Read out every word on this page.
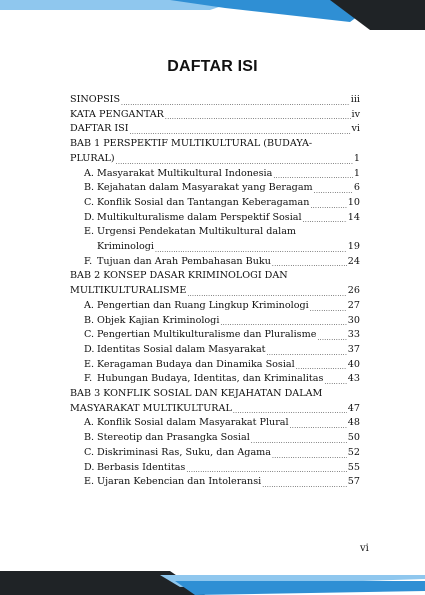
DAFTAR ISI
SINOPSIS .....	iii
KATA PENGANTAR .....	iv
DAFTAR ISI .....	vi
BAB 1 PERSPEKTIF MULTIKULTURAL (BUDAYA-
PLURAL) .....	1
A. Masyarakat Multikultural Indonesia .....	1
B. Kejahatan dalam Masyarakat yang Beragam .....	6
C. Konflik Sosial dan Tantangan Keberagaman .....	10
D. Multikulturalisme dalam Perspektif Sosial .....	14
E. Urgensi Pendekatan Multikultural dalam
Kriminologi .....	19
F. Tujuan dan Arah Pembahasan Buku .....	24
BAB 2 KONSEP DASAR KRIMINOLOGI DAN
MULTIKULTURALISME .....	26
A. Pengertian dan Ruang Lingkup Kriminologi .....	27
B. Objek Kajian Kriminologi .....	30
C. Pengertian Multikulturalisme dan Pluralisme .....	33
D. Identitas Sosial dalam Masyarakat .....	37
E. Keragaman Budaya dan Dinamika Sosial .....	40
F. Hubungan Budaya, Identitas, dan Kriminalitas .....	43
BAB 3 KONFLIK SOSIAL DAN KEJAHATAN DALAM
MASYARAKAT MULTIKULTURAL .....	47
A. Konflik Sosial dalam Masyarakat Plural .....	48
B. Stereotip dan Prasangka Sosial .....	50
C. Diskriminasi Ras, Suku, dan Agama .....	52
D. Berbasis Identitas .....	55
E. Ujaran Kebencian dan Intoleransi .....	57
vi
